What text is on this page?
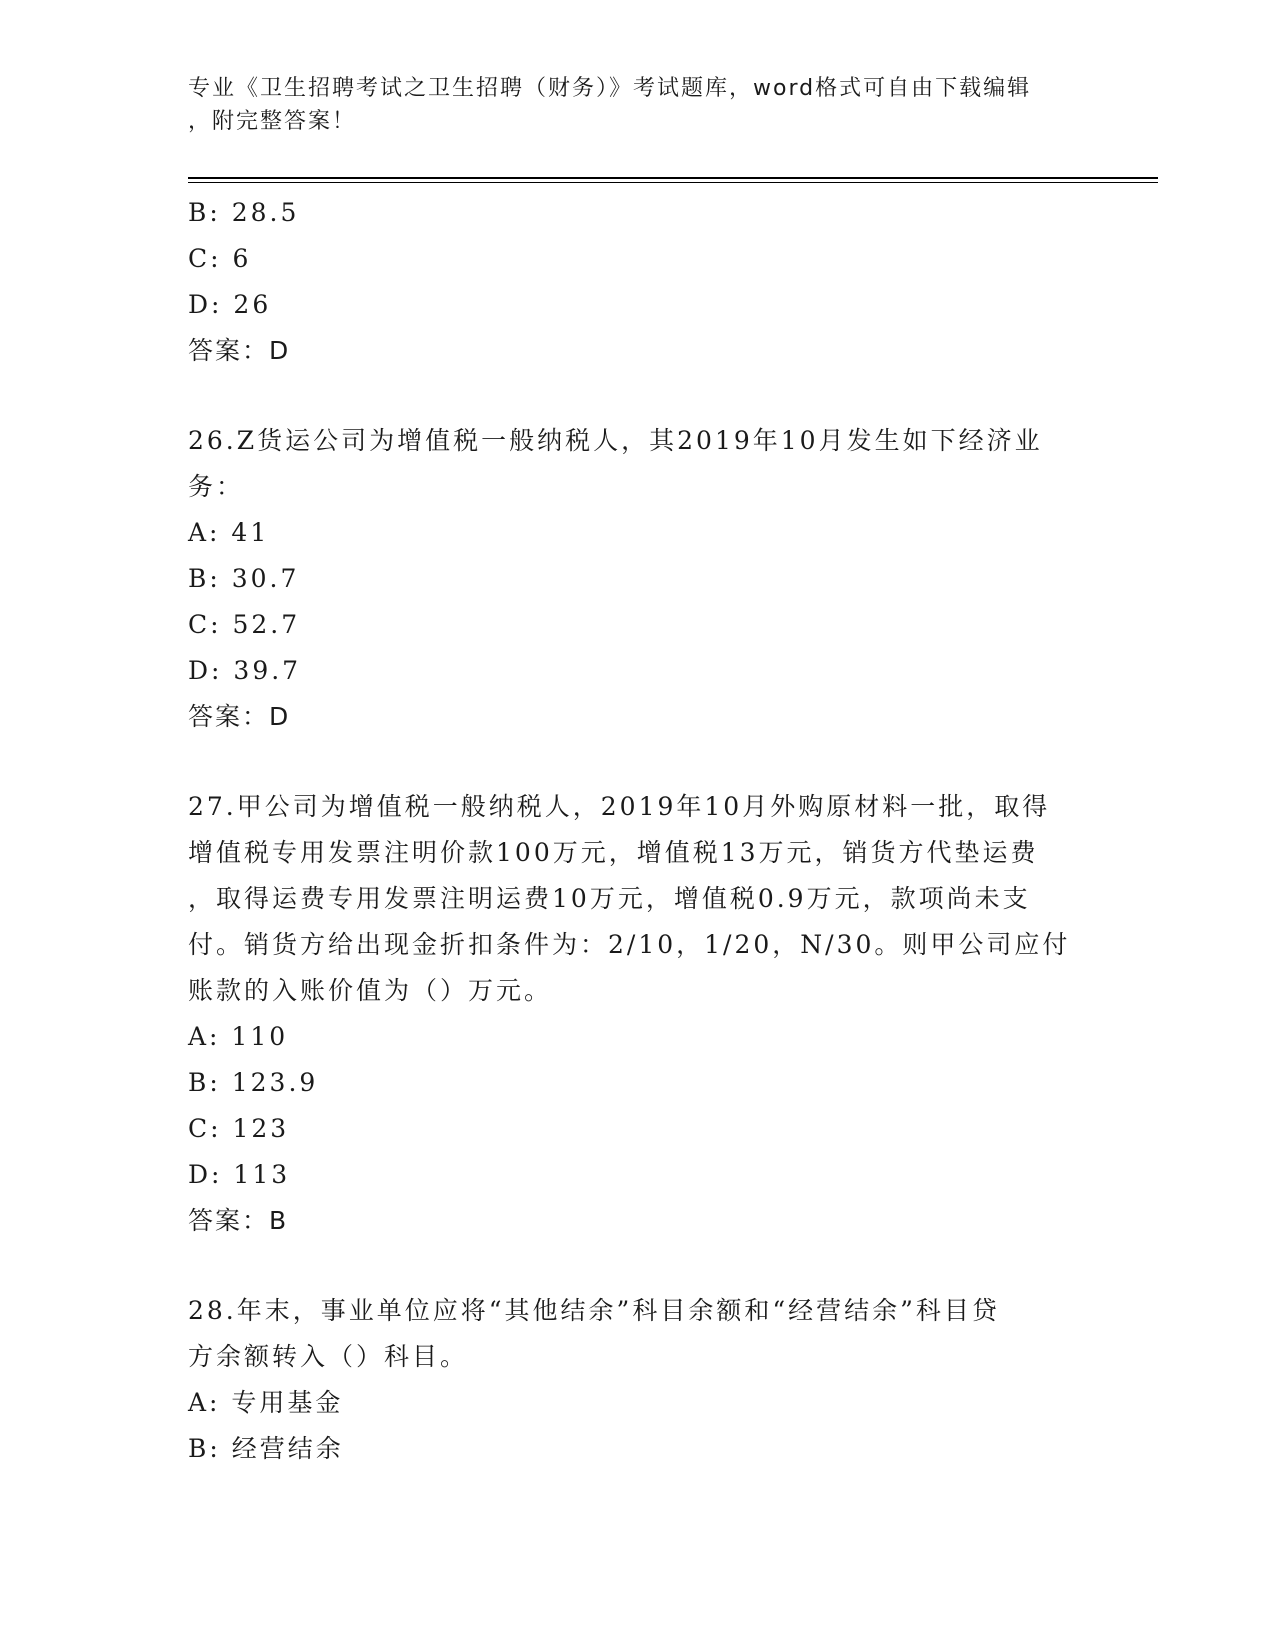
专业《卫生招聘考试之卫生招聘（财务）》考试题库，word格式可自由下载编辑
，附完整答案！
B: 28.5
C: 6
D: 26
答案：D
26.Z货运公司为增值税一般纳税人，其2019年10月发生如下经济业
务：
A: 41
B: 30.7
C: 52.7
D: 39.7
答案：D
27.甲公司为增值税一般纳税人，2019年10月外购原材料一批，取得
增值税专用发票注明价款100万元，增值税13万元，销货方代垫运费
，取得运费专用发票注明运费10万元，增值税0.9万元，款项尚未支
付。销货方给出现金折扣条件为：2/10，1/20，N/30。则甲公司应付
账款的入账价值为（）万元。
A: 110
B: 123.9
C: 123
D: 113
答案：B
28.年末，事业单位应将“其他结余”科目余额和“经营结余”科目贷
方余额转入（）科目。
A: 专用基金
B: 经营结余
